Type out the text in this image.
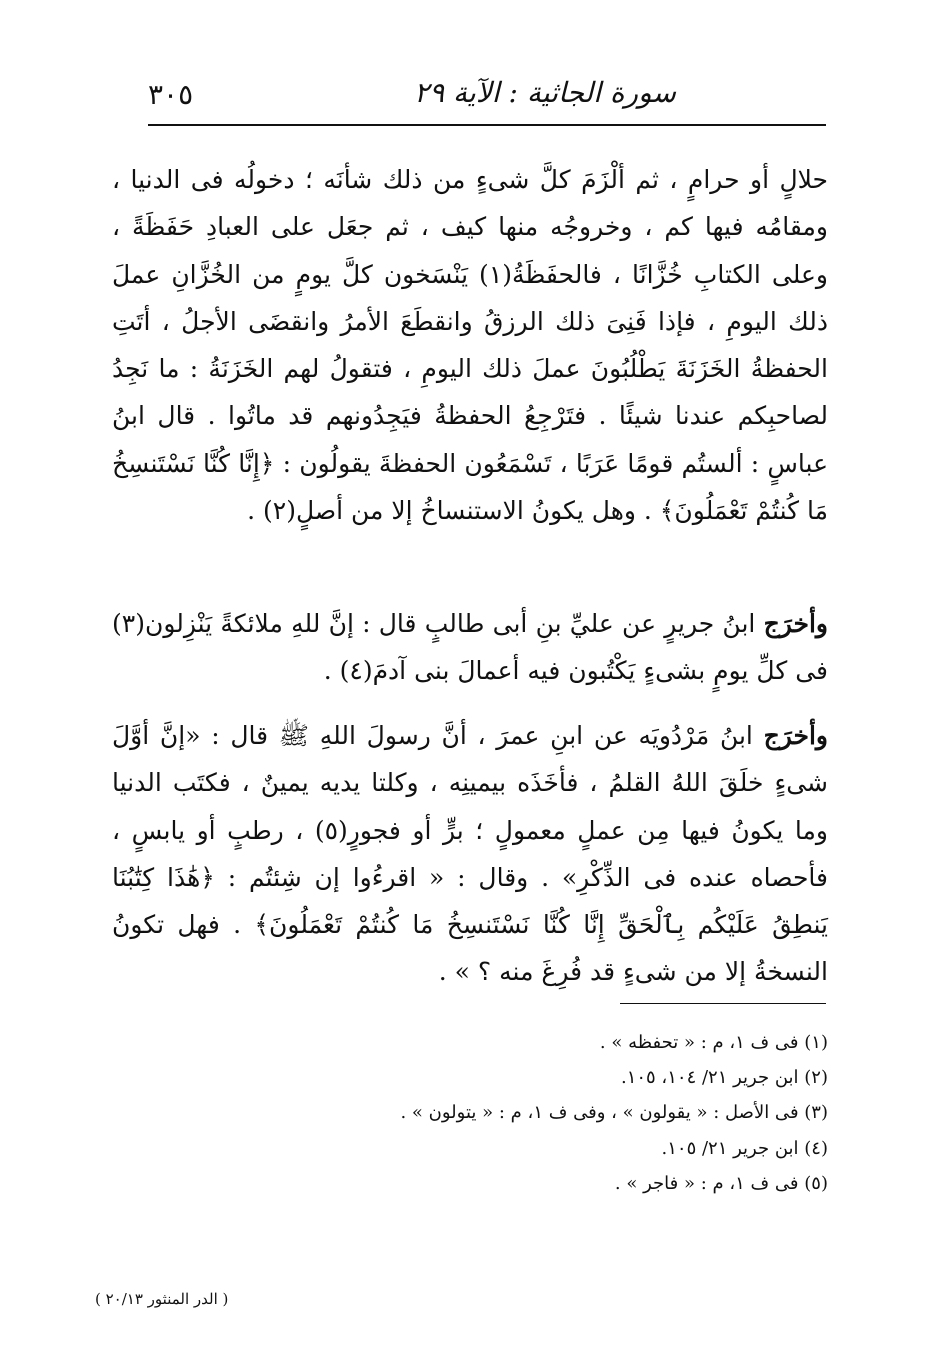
سورة الجاثية : الآية ٢٩
٣٠٥

حلالٍ أو حرامٍ ، ثم ألْزَمَ كلَّ شىءٍ من ذلك شأنَه ؛ دخولُه فى الدنيا ، ومقامُه فيها كم ، وخروجُه منها كيف ، ثم جعَل على العبادِ حَفَظَةً ، وعلى الكتابِ خُزَّانًا ، فالحفَظَةُ(١) يَنْسَخون كلَّ يومٍ من الخُزَّانِ عملَ ذلك اليومِ ، فإذا فَنِىَ ذلك الرزقُ وانقطَعَ الأمرُ وانقضَى الأجلُ ، أتَتِ الحفظةُ الخَزَنَةَ يَطْلُبُونَ عملَ ذلك اليومِ ، فتقولُ لهم الخَزَنَةُ : ما نَجِدُ لصاحبِكم عندنا شيئًا . فتَرْجِعُ الحفظةُ فيَجِدُونهم قد ماتُوا . قال ابنُ عباسٍ : ألستُم قومًا عَرَبًا ، تَسْمَعُون الحفظةَ يقولُون : ﴿إِنَّا كُنَّا نَسْتَنسِخُ مَا كُنتُمْ تَعْمَلُونَ﴾ . وهل يكونُ الاستنساخُ إلا من أصلٍ(٢) .

وأخرَج ابنُ جريرٍ عن عليِّ بنِ أبى طالبٍ قال : إنَّ للهِ ملائكةً يَنْزِلون(٣) فى كلِّ يومٍ بشىءٍ يَكْتُبون فيه أعمالَ بنى آدمَ(٤) .

وأخرَج ابنُ مَرْدُويَه عن ابنِ عمرَ ، أنَّ رسولَ اللهِ ﷺ قال : «إنَّ أوَّلَ شىءٍ خلَقَ اللهُ القلمُ ، فأخَذَه بيمينِه ، وكلتا يديه يمينٌ ، فكتَب الدنيا وما يكونُ فيها مِن عملٍ معمولٍ ؛ برٍّ أو فجورٍ(٥) ، رطبٍ أو يابسٍ ، فأحصاه عنده فى الذِّكْرِ» . وقال : « اقرءُوا إن شِئتُم : ﴿هَٰذَا كِتَٰبُنَا يَنطِقُ عَلَيْكُم بِٱلْحَقِّ إِنَّا كُنَّا نَسْتَنسِخُ مَا كُنتُمْ تَعْمَلُونَ﴾ . فهل تكونُ النسخةُ إلا من شىءٍ قد فُرِغَ منه ؟ » .

(١) فى ف ١، م : « تحفظه » .
(٢) ابن جرير ٢١/ ١٠٤، ١٠٥.
(٣) فى الأصل : « يقولون » ، وفى ف ١، م : « يتولون » .
(٤) ابن جرير ٢١/ ١٠٥.
(٥) فى ف ١، م : « فاجر » .
( الدر المنثور ٢٠/١٣ )
